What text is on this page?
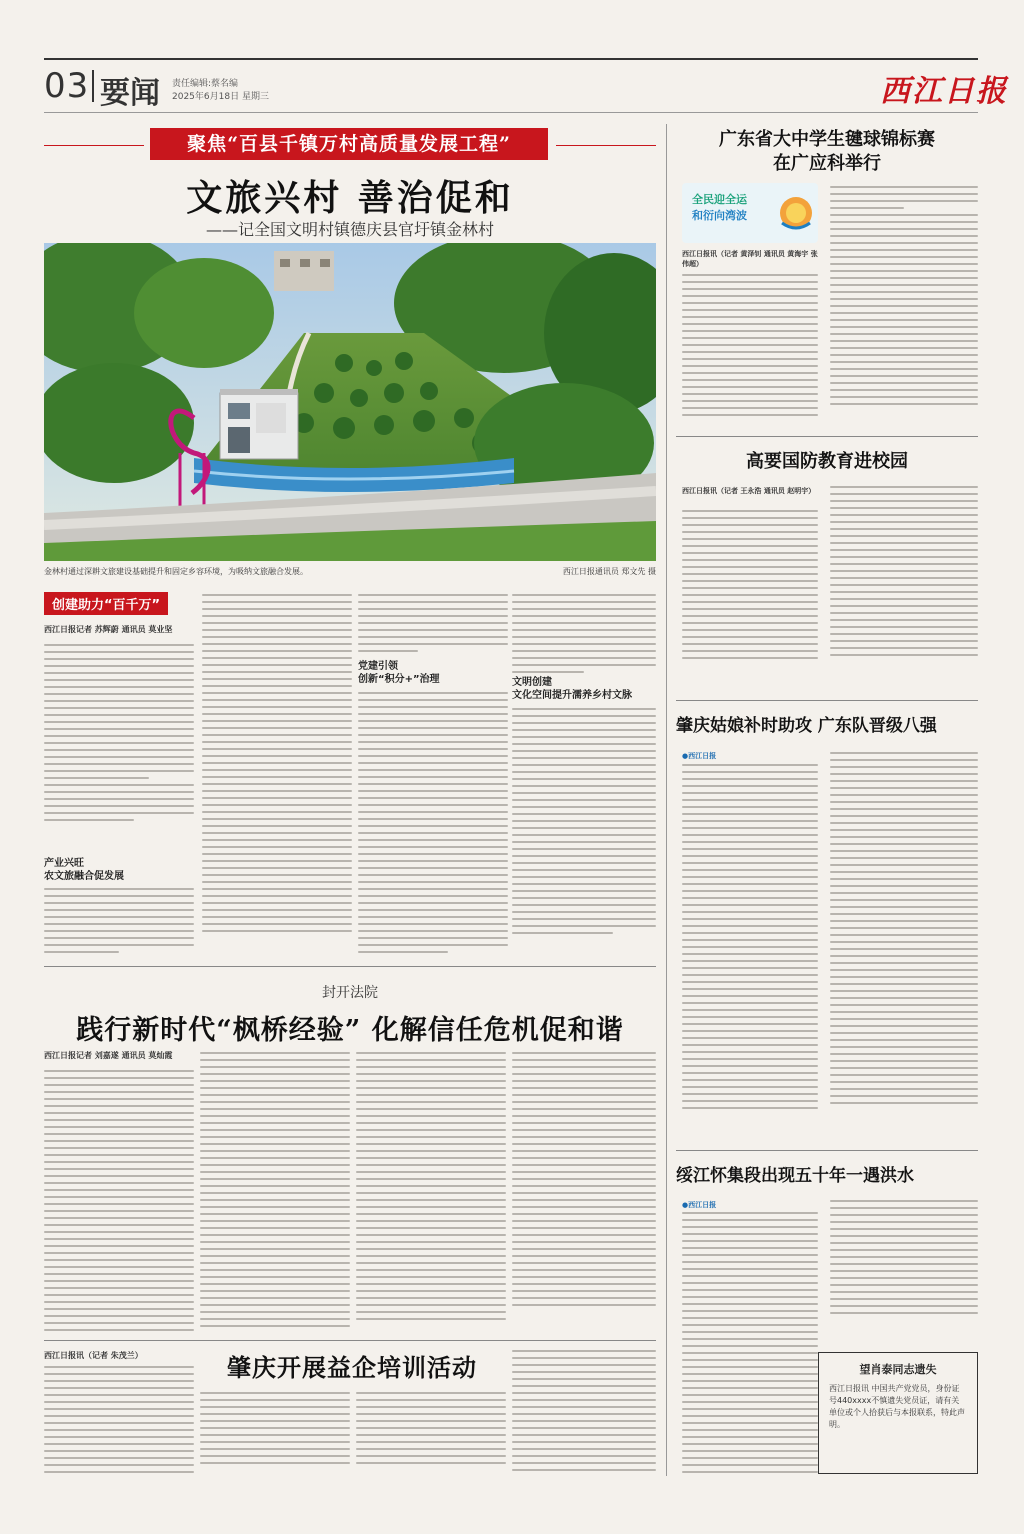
03 要闻 责任编辑:蔡名编
2025年6月18日 星期三	西江日报
聚焦“百县千镇万村高质量发展工程”
文旅兴村 善治促和
——记全国文明村镇德庆县官圩镇金林村
金林村通过深耕文旅建设基础提升和固定乡容环境，为吸纳文旅融合发展。	西江日报通讯员 郑文先 摄
创建助力“百千万”
西江日报记者 苏辉蔚 通讯员 莫业坚
产业兴旺
农文旅融合促发展
党建引领
创新“积分+”治理	文明创建
文化空间提升濡养乡村文脉
封开法院
践行新时代“枫桥经验” 化解信任危机促和谐
西江日报记者 刘嘉遂 通讯员 莫灿霞
西江日报讯（记者 朱茂兰）	肇庆开展益企培训活动
广东省大中学生毽球锦标赛
在广应科举行
全民迎全运
和衍向湾波
西江日报讯（记者 黄泽钊 通讯员 黄海宇 张伟超）
高要国防教育进校园
西江日报讯（记者 王永浩 通讯员 赵明宇）
肇庆姑娘补时助攻 广东队晋级八强
●西江日报
绥江怀集段出现五十年一遇洪水
●西江日报
望肖泰同志遗失

西江日报讯 中国共产党党员，身份证号440xxxx不慎遗失党员证，请有关单位或个人拾获后与本报联系，特此声明。
